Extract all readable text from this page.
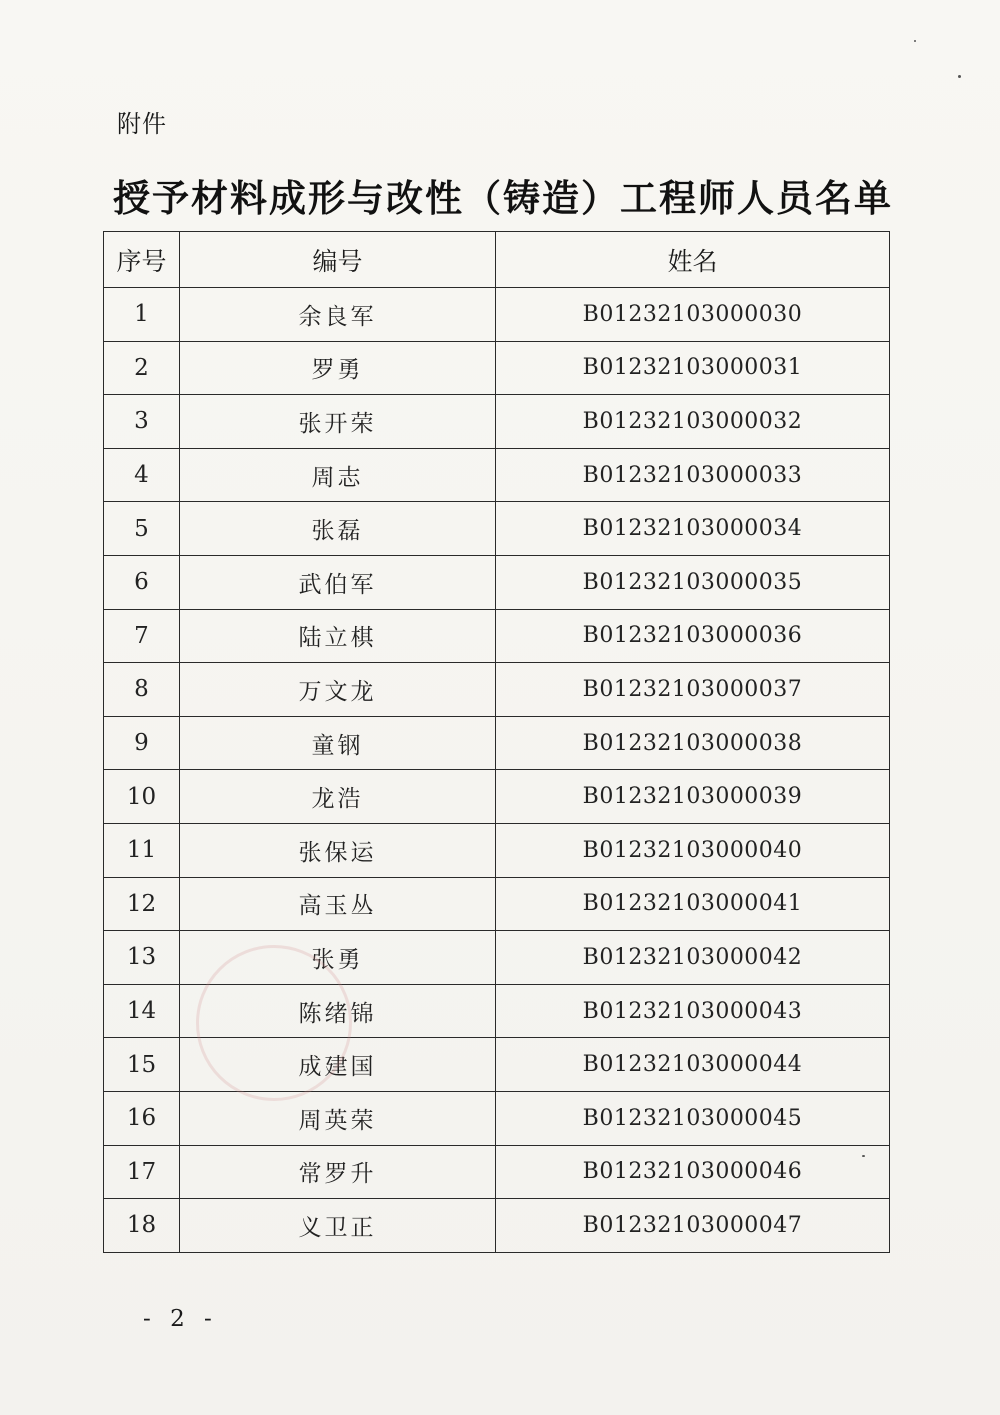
附件
授予材料成形与改性（铸造）工程师人员名单
序号	编号	姓名
1	余良军	B01232103000030
2	罗勇	B01232103000031
3	张开荣	B01232103000032
4	周志	B01232103000033
5	张磊	B01232103000034
6	武伯军	B01232103000035
7	陆立棋	B01232103000036
8	万文龙	B01232103000037
9	童钢	B01232103000038
10	龙浩	B01232103000039
11	张保运	B01232103000040
12	高玉丛	B01232103000041
13	张勇	B01232103000042
14	陈绪锦	B01232103000043
15	成建国	B01232103000044
16	周英荣	B01232103000045
17	常罗升	B01232103000046
18	义卫正	B01232103000047
- 2 -
